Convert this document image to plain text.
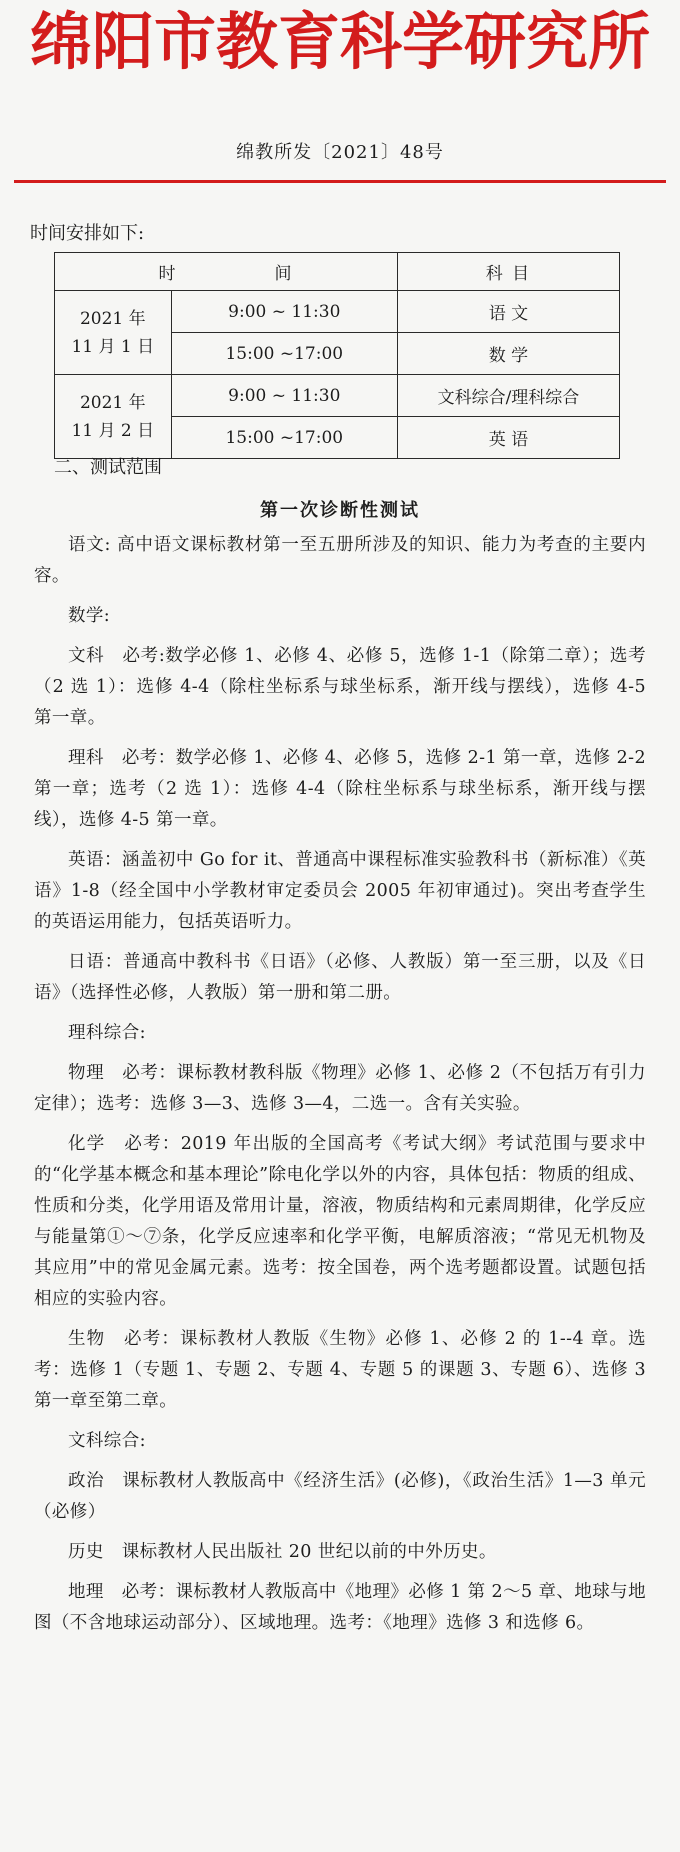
绵阳市教育科学研究所
绵教所发〔2021〕48号
时间安排如下:
时 间		科 目

2021 年
11 月 1 日	9:00 ~ 11:30	语 文
	15:00 ~17:00	数 学

2021 年
11 月 2 日	9:00 ~ 11:30	文科综合/理科综合
	15:00 ~17:00	英 语
二、测试范围
第一次诊断性测试

语文: 高中语文课标教材第一至五册所涉及的知识、能力为考查的主要内容。

数学:

文科　必考:数学必修 1、必修 4、必修 5，选修 1-1（除第二章）；选考（2 选 1）：选修 4-4（除柱坐标系与球坐标系，渐开线与摆线），选修 4-5 第一章。

理科　必考：数学必修 1、必修 4、必修 5，选修 2-1 第一章，选修 2-2 第一章；选考（2 选 1）：选修 4-4（除柱坐标系与球坐标系，渐开线与摆线），选修 4-5 第一章。

英语：涵盖初中 Go for it、普通高中课程标准实验教科书（新标准）《英语》1-8（经全国中小学教材审定委员会 2005 年初审通过)。突出考查学生的英语运用能力，包括英语听力。

日语：普通高中教科书《日语》（必修、人教版）第一至三册，以及《日语》（选择性必修，人教版）第一册和第二册。

理科综合:

物理　必考：课标教材教科版《物理》必修 1、必修 2（不包括万有引力定律）；选考：选修 3—3、选修 3—4，二选一。含有关实验。

化学　必考：2019 年出版的全国高考《考试大纲》考试范围与要求中的“化学基本概念和基本理论”除电化学以外的内容，具体包括：物质的组成、性质和分类，化学用语及常用计量，溶液，物质结构和元素周期律，化学反应与能量第①～⑦条，化学反应速率和化学平衡，电解质溶液；“常见无机物及其应用”中的常见金属元素。选考：按全国卷，两个选考题都设置。试题包括相应的实验内容。

生物　必考：课标教材人教版《生物》必修 1、必修 2 的 1--4 章。选考：选修 1（专题 1、专题 2、专题 4、专题 5 的课题 3、专题 6）、选修 3 第一章至第二章。

文科综合:

政治　课标教材人教版高中《经济生活》(必修)，《政治生活》1—3 单元（必修）

历史　课标教材人民出版社 20 世纪以前的中外历史。

地理　必考：课标教材人教版高中《地理》必修 1 第 2～5 章、地球与地图（不含地球运动部分）、区域地理。选考：《地理》选修 3 和选修 6。
